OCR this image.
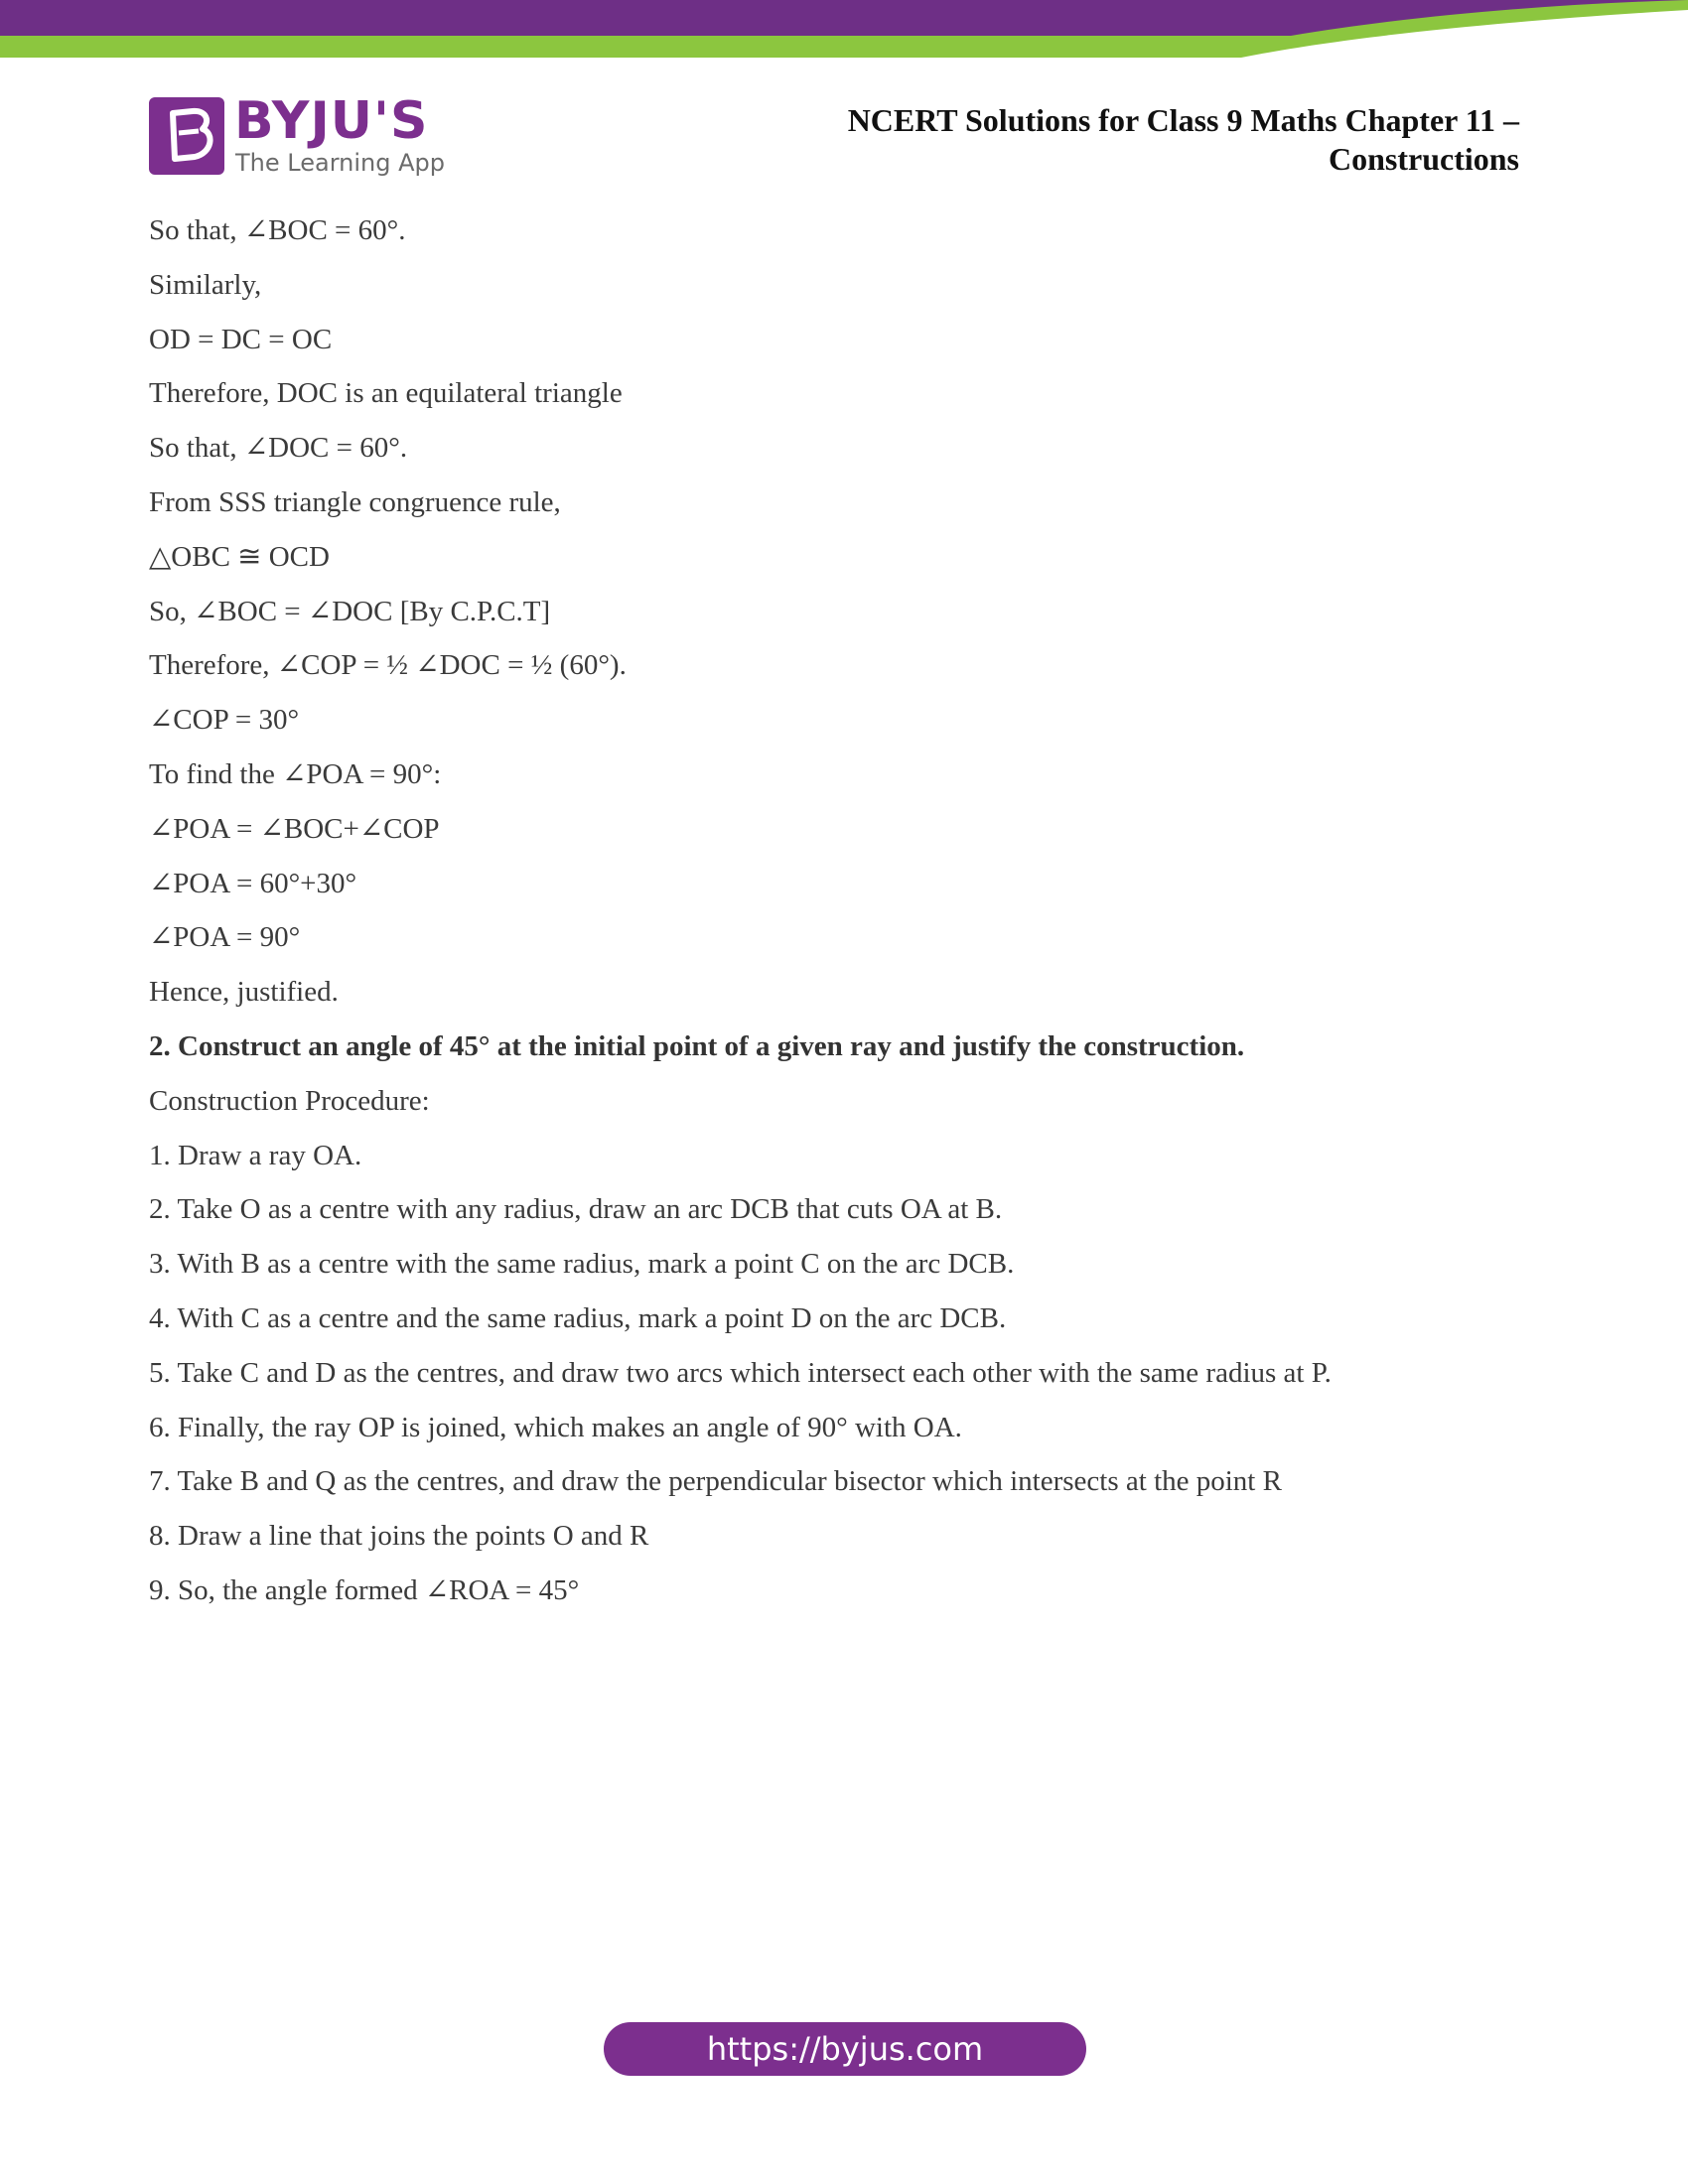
BYJU'S
The Learning App
NCERT Solutions for Class 9 Maths Chapter 11 –
Constructions
So that, ∠BOC = 60°.
Similarly,
OD = DC = OC
Therefore, DOC is an equilateral triangle
So that, ∠DOC = 60°.
From SSS triangle congruence rule,
△OBC ≅ OCD
So, ∠BOC = ∠DOC [By C.P.C.T]
Therefore, ∠COP = ½ ∠DOC = ½ (60°).
∠COP = 30°
To find the ∠POA = 90°:
∠POA = ∠BOC+∠COP
∠POA = 60°+30°
∠POA = 90°
Hence, justified.
2. Construct an angle of 45° at the initial point of a given ray and justify the construction.
Construction Procedure:
1. Draw a ray OA.
2. Take O as a centre with any radius, draw an arc DCB that cuts OA at B.
3. With B as a centre with the same radius, mark a point C on the arc DCB.
4. With C as a centre and the same radius, mark a point D on the arc DCB.
5. Take C and D as the centres, and draw two arcs which intersect each other with the same radius at P.
6. Finally, the ray OP is joined, which makes an angle of 90° with OA.
7. Take B and Q as the centres, and draw the perpendicular bisector which intersects at the point R
8. Draw a line that joins the points O and R
9. So, the angle formed ∠ROA = 45°
https://byjus.com
